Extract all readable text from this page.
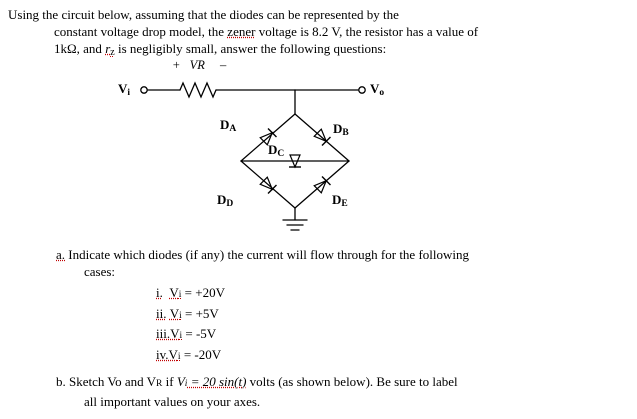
Using the circuit below, assuming that the diodes can be represented by the
constant voltage drop model, the zener voltage is 8.2 V, the resistor has a value of
1kΩ, and rz is negligibly small, answer the following questions:
+ VR –
$V_i$	$V_o$
$D_A$	$D_B$
$D_C$
$D_D$	$D_E$
a. Indicate which diodes (if any) the current will flow through for the following
cases:
i. Vi = +20V
ii. Vi = +5V
iii.Vi = -5V
iv.Vi = -20V
b. Sketch Vo and VR if Vi = 20 sin(t) volts (as shown below). Be sure to label
all important values on your axes.
